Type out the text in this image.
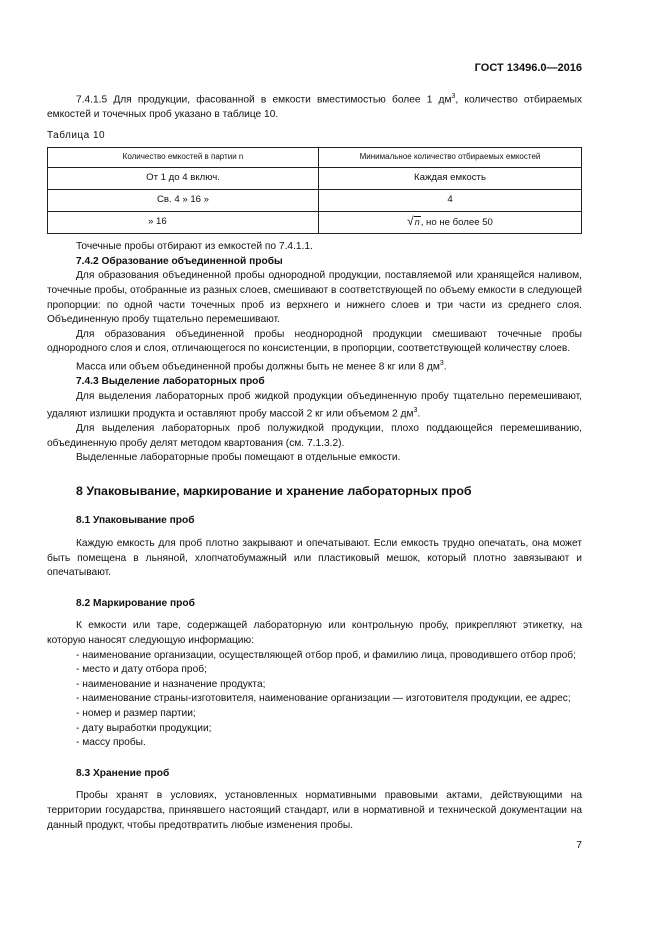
ГОСТ 13496.0—2016

7.4.1.5 Для продукции, фасованной в емкости вместимостью более 1 $дм^3$, количество отбираемых емкостей и точечных проб указано в таблице 10.

Таблица 10
Количество емкостей в партии n	Минимальное количество отбираемых емкостей
От 1 до 4 включ.	Каждая емкость
Св. 4 » 16 »	4
» 16	√n, но не более 50

Точечные пробы отбирают из емкостей по 7.4.1.1.

7.4.2 Образование объединенной пробы

Для образования объединенной пробы однородной продукции, поставляемой или хранящейся наливом, точечные пробы, отобранные из разных слоев, смешивают в соответствующей по объему емкости в следующей пропорции: по одной части точечных проб из верхнего и нижнего слоев и три части из среднего слоя. Объединенную пробу тщательно перемешивают.

Для образования объединенной пробы неоднородной продукции смешивают точечные пробы однородного слоя и слоя, отличающегося по консистенции, в пропорции, соответствующей количеству слоев.

Масса или объем объединенной пробы должны быть не менее 8 кг или 8 $дм^3$.

7.4.3 Выделение лабораторных проб

Для выделения лабораторных проб жидкой продукции объединенную пробу тщательно перемешивают, удаляют излишки продукта и оставляют пробу массой 2 кг или объемом 2 $дм^3$.

Для выделения лабораторных проб полужидкой продукции, плохо поддающейся перемешиванию, объединенную пробу делят методом квартования (см. 7.1.3.2).

Выделенные лабораторные пробы помещают в отдельные емкости.

8 Упаковывание, маркирование и хранение лабораторных проб
8.1 Упаковывание проб

Каждую емкость для проб плотно закрывают и опечатывают. Если емкость трудно опечатать, она может быть помещена в льняной, хлопчатобумажный или пластиковый мешок, который плотно завязывают и опечатывают.

8.2 Маркирование проб

К емкости или таре, содержащей лабораторную или контрольную пробу, прикрепляют этикетку, на которую наносят следующую информацию:

- наименование организации, осуществляющей отбор проб, и фамилию лица, проводившего отбор проб;

- место и дату отбора проб;

- наименование и назначение продукта;

- наименование страны-изготовителя, наименование организации — изготовителя продукции, ее адрес;

- номер и размер партии;

- дату выработки продукции;

- массу пробы.

8.3 Хранение проб

Пробы хранят в условиях, установленных нормативными правовыми актами, действующими на территории государства, принявшего настоящий стандарт, или в нормативной и технической документации на данный продукт, чтобы предотвратить любые изменения пробы.

7
